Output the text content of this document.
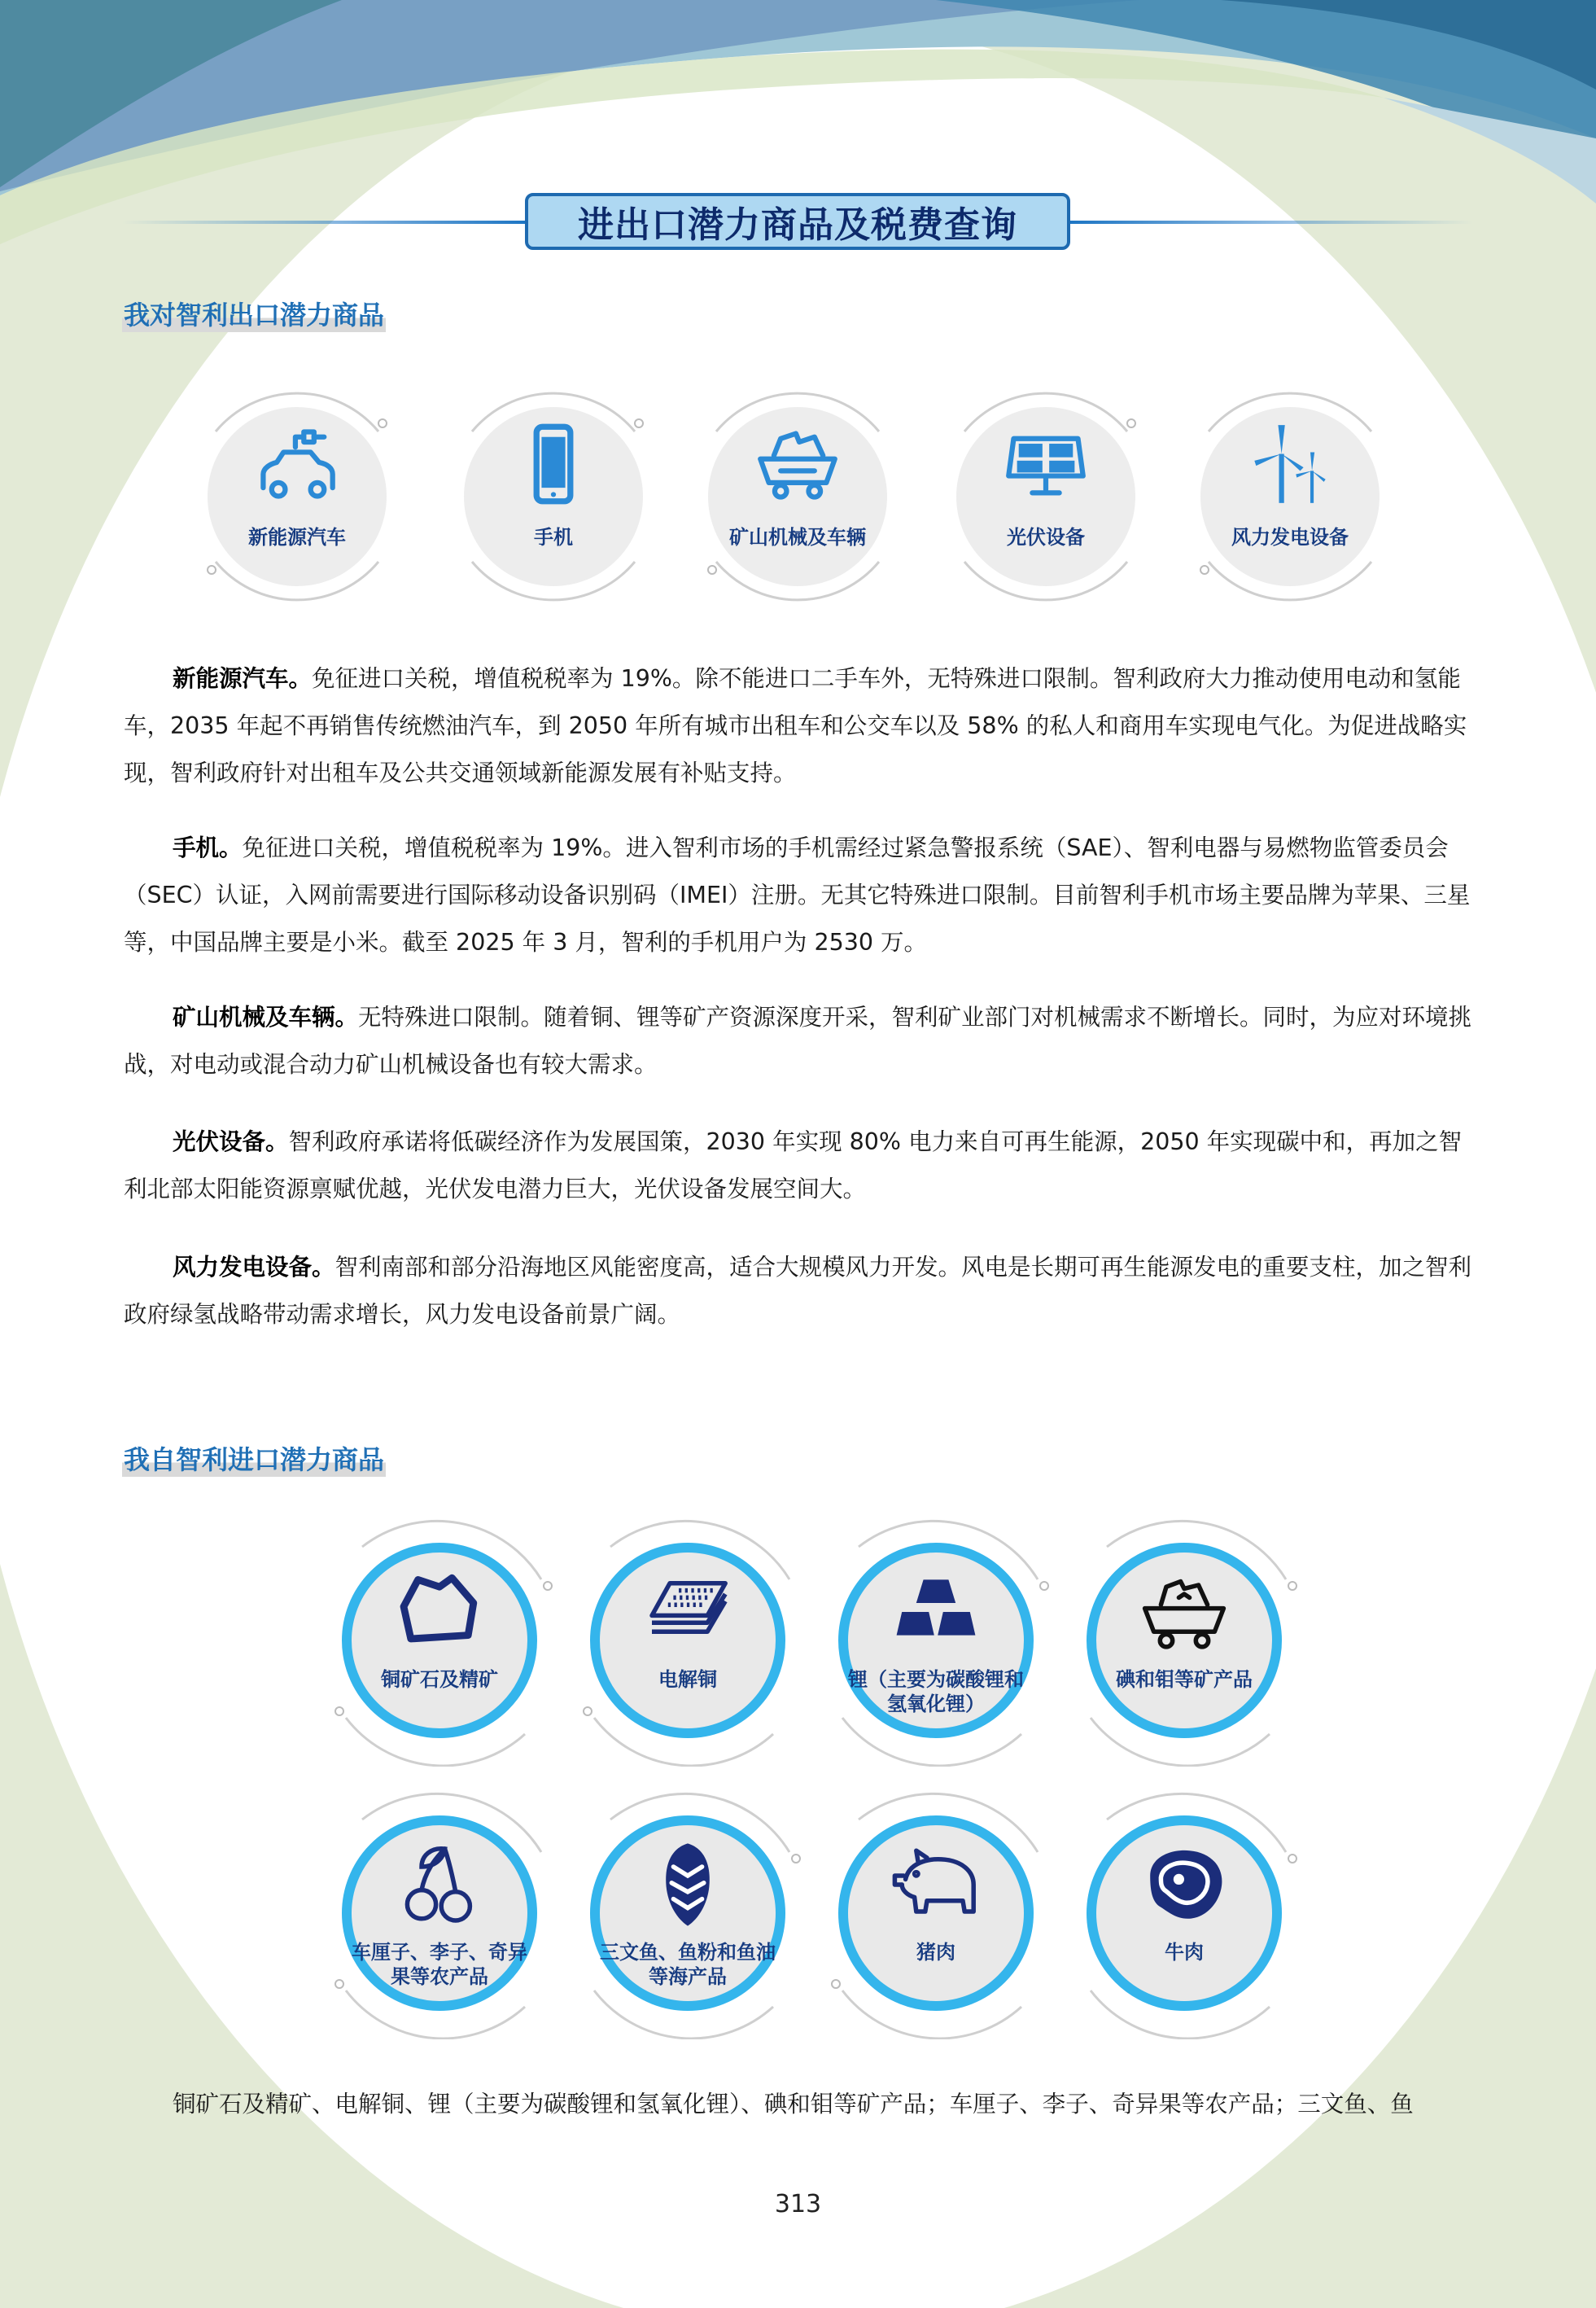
进出口潜力商品及税费查询
我对智利出口潜力商品
新能源汽车	手机	矿山机械及车辆	光伏设备	风力发电设备

新能源汽车。免征进口关税，增值税税率为 19%。除不能进口二手车外，无特殊进口限制。智利政府大力推动使用电动和氢能车，2035 年起不再销售传统燃油汽车，到 2050 年所有城市出租车和公交车以及 58% 的私人和商用车实现电气化。为促进战略实现，智利政府针对出租车及公共交通领域新能源发展有补贴支持。

手机。免征进口关税，增值税税率为 19%。进入智利市场的手机需经过紧急警报系统（SAE）、智利电器与易燃物监管委员会（SEC）认证，入网前需要进行国际移动设备识别码（IMEI）注册。无其它特殊进口限制。目前智利手机市场主要品牌为苹果、三星等，中国品牌主要是小米。截至 2025 年 3 月，智利的手机用户为 2530 万。

矿山机械及车辆。无特殊进口限制。随着铜、锂等矿产资源深度开采，智利矿业部门对机械需求不断增长。同时，为应对环境挑战，对电动或混合动力矿山机械设备也有较大需求。

光伏设备。智利政府承诺将低碳经济作为发展国策，2030 年实现 80% 电力来自可再生能源，2050 年实现碳中和，再加之智利北部太阳能资源禀赋优越，光伏发电潜力巨大，光伏设备发展空间大。

风力发电设备。智利南部和部分沿海地区风能密度高，适合大规模风力开发。风电是长期可再生能源发电的重要支柱，加之智利政府绿氢战略带动需求增长，风力发电设备前景广阔。

我自智利进口潜力商品
铜矿石及精矿	电解铜	锂（主要为碳酸锂和氢氧化锂）
碘和钼等矿产品
车厘子、李子、奇异果等农产品
三文鱼、鱼粉和鱼油等海产品
猪肉	牛肉

铜矿石及精矿、电解铜、锂（主要为碳酸锂和氢氧化锂）、碘和钼等矿产品；车厘子、李子、奇异果等农产品；三文鱼、鱼

313
